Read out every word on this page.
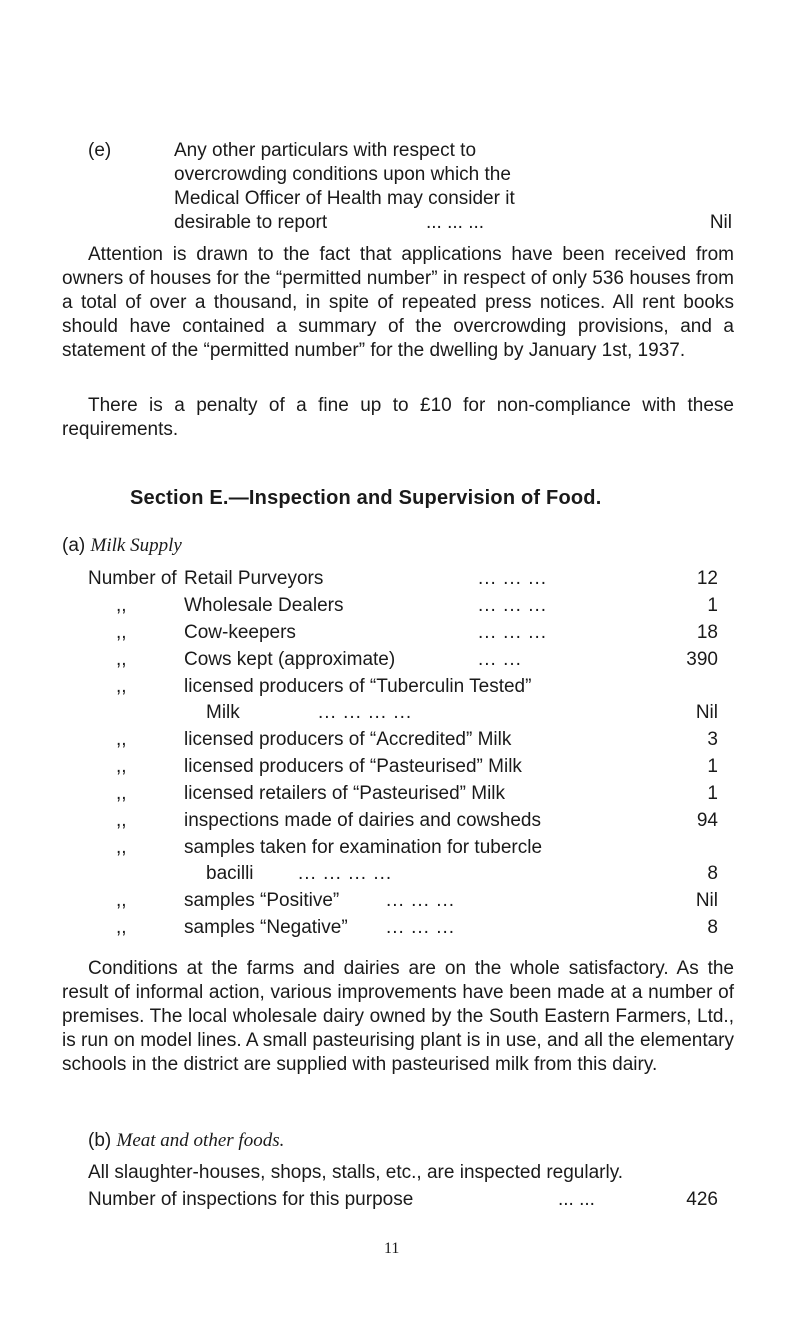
(e)	Any other particulars with respect to
overcrowding conditions upon which the
Medical Officer of Health may consider it
desirable to report	... ... ...	Nil

Attention is drawn to the fact that applications have been received from owners of houses for the “permitted number” in respect of only 536 houses from a total of over a thousand, in spite of repeated press notices. All rent books should have contained a summary of the overcrowding provisions, and a statement of the “permitted number” for the dwelling by January 1st, 1937.

There is a penalty of a fine up to £10 for non-compliance with these requirements.

Section E.—Inspection and Supervision of Food.
(a) Milk Supply
Number of Retail Purveyors	... ... ...	12
,,	Wholesale Dealers	... ... ...	1
,,	Cow-keepers	... ... ...	18
,,	Cows kept (approximate)	... ...	390
,,	licensed producers of “Tuberculin Tested”
Milk	... ... ... ...	Nil
,,	licensed producers of “Accredited” Milk	3
,,	licensed producers of “Pasteurised” Milk	1
,,	licensed retailers of “Pasteurised” Milk	1
,,	inspections made of dairies and cowsheds	94
,,	samples taken for examination for tubercle
bacilli ... ... ... ...	8
,,	samples “Positive” ... ... ...	Nil
,,	samples “Negative” ... ... ...	8

Conditions at the farms and dairies are on the whole satisfactory. As the result of informal action, various improvements have been made at a number of premises. The local wholesale dairy owned by the South Eastern Farmers, Ltd., is run on model lines. A small pasteurising plant is in use, and all the elementary schools in the district are supplied with pasteurised milk from this dairy.

(b) Meat and other foods.
All slaughter-houses, shops, stalls, etc., are inspected regularly.
Number of inspections for this purpose	... ...	426
11
